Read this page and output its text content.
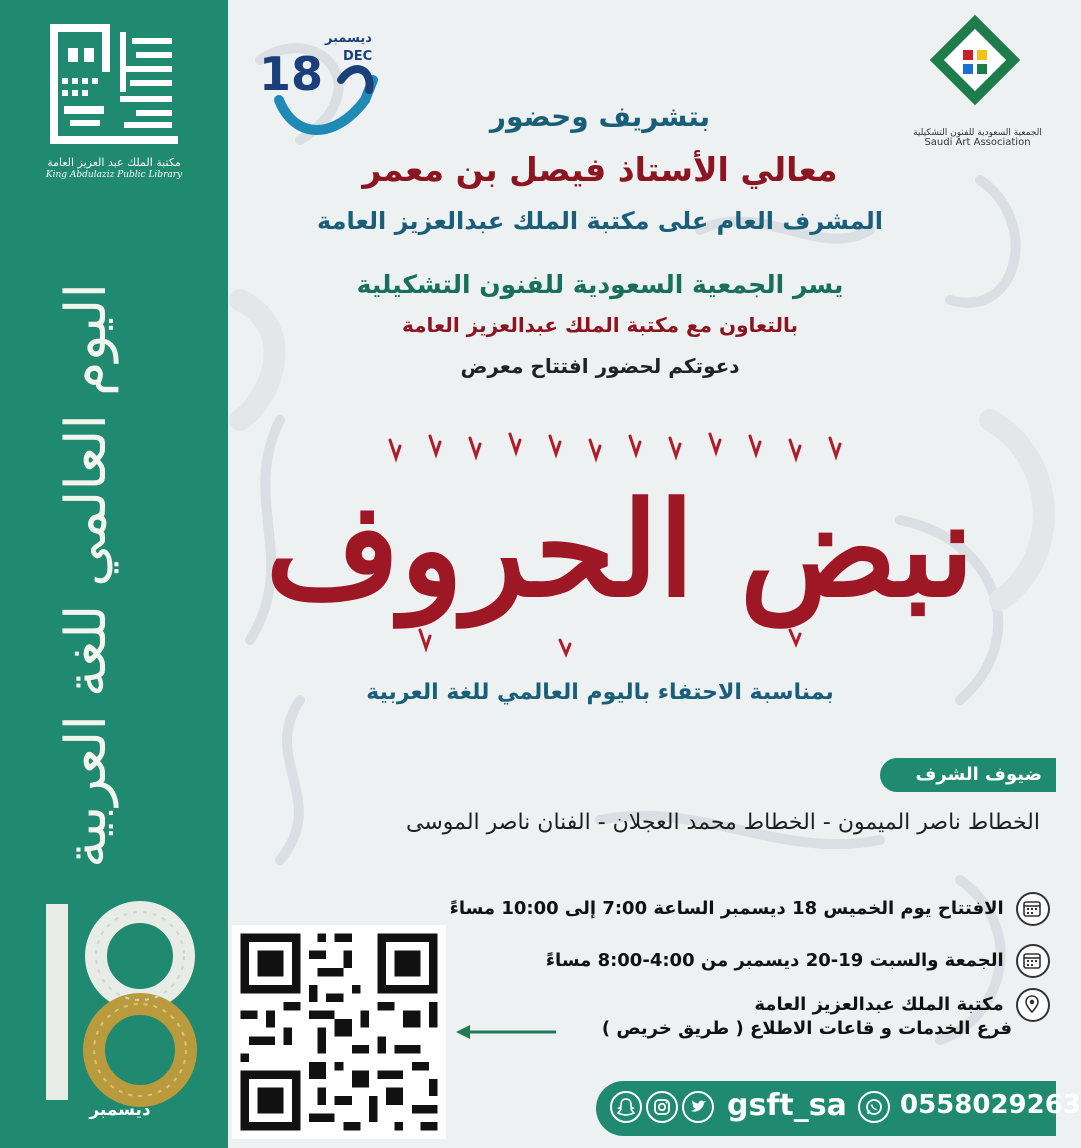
مكتبة الملك عبد العزيز العامة
King Abdulaziz Public Library
اليوم العالمي للغة العربية
ديسمبر
ديسمبر
DEC
18
الجمعية السعودية للفنون التشكيلية
Saudi Art Association
بتشريف وحضور
معالي الأستاذ فيصل بن معمر
المشرف العام على مكتبة الملك عبدالعزيز العامة
يسر الجمعية السعودية للفنون التشكيلية
بالتعاون مع مكتبة الملك عبدالعزيز العامة
دعوتكم لحضور افتتاح معرض
نبض الحروف
بمناسبة الاحتفاء باليوم العالمي للغة العربية
ضيوف الشرف
الخطاط ناصر الميمون - الخطاط محمد العجلان - الفنان ناصر الموسى
الافتتاح يوم الخميس 18 ديسمبر الساعة 7:00 إلى 10:00 مساءً
الجمعة والسبت 19-20 ديسمبر من 4:00-8:00 مساءً
مكتبة الملك عبدالعزيز العامة
فرع الخدمات و قاعات الاطلاع ( طريق خريص )
gsft_sa 0558029263
